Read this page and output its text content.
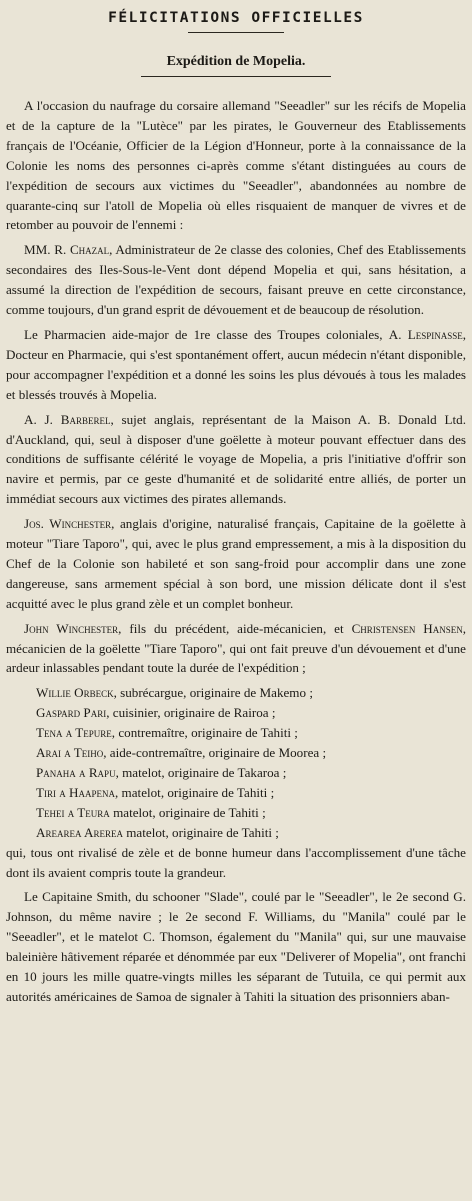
FÉLICITATIONS OFFICIELLES
Expédition de Mopelia.

A l'occasion du naufrage du corsaire allemand "Seeadler" sur les récifs de Mopelia et de la capture de la "Lutèce" par les pirates, le Gouverneur des Etablissements français de l'Océanie, Officier de la Légion d'Honneur, porte à la connaissance de la Colonie les noms des personnes ci-après comme s'étant distinguées au cours de l'expédition de secours aux victimes du "Seeadler", abandonnées au nombre de quarante-cinq sur l'atoll de Mopelia où elles risquaient de manquer de vivres et de retomber au pouvoir de l'ennemi :

MM. R. Chazal, Administrateur de 2e classe des colonies, Chef des Etablissements secondaires des Iles-Sous-le-Vent dont dépend Mopelia et qui, sans hésitation, a assumé la direction de l'expédition de secours, faisant preuve en cette circonstance, comme toujours, d'un grand esprit de dévouement et de beaucoup de résolution.

Le Pharmacien aide-major de 1re classe des Troupes coloniales, A. Lespinasse, Docteur en Pharmacie, qui s'est spontanément offert, aucun médecin n'étant disponible, pour accompagner l'expédition et a donné les soins les plus dévoués à tous les malades et blessés trouvés à Mopelia.

A. J. Barberel, sujet anglais, représentant de la Maison A. B. Donald Ltd. d'Auckland, qui, seul à disposer d'une goëlette à moteur pouvant effectuer dans des conditions de suffisante célérité le voyage de Mopelia, a pris l'initiative d'offrir son navire et permis, par ce geste d'humanité et de solidarité entre alliés, de porter un immédiat secours aux victimes des pirates allemands.

Jos. Winchester, anglais d'origine, naturalisé français, Capitaine de la goëlette à moteur "Tiare Taporo", qui, avec le plus grand empressement, a mis à la disposition du Chef de la Colonie son habileté et son sang-froid pour accomplir dans une zone dangereuse, sans armement spécial à son bord, une mission délicate dont il s'est acquitté avec le plus grand zèle et un complet bonheur.

John Winchester, fils du précédent, aide-mécanicien, et Christensen Hansen, mécanicien de la goëlette "Tiare Taporo", qui ont fait preuve d'un dévouement et d'une ardeur inlassables pendant toute la durée de l'expédition ;

Willie Orbeck, subrécargue, originaire de Makemo ;
Gaspard Pari, cuisinier, originaire de Rairoa ;
Tena a Tepure, contremaître, originaire de Tahiti ;
Arai a Teiho, aide-contremaître, originaire de Moorea ;
Panaha a Rapu, matelot, originaire de Takaroa ;
Tiri a Haapena, matelot, originaire de Tahiti ;
Tehei a Teura matelot, originaire de Tahiti ;
Arearea Arerea matelot, originaire de Tahiti ;

qui, tous ont rivalisé de zèle et de bonne humeur dans l'accomplissement d'une tâche dont ils avaient compris toute la grandeur.

Le Capitaine Smith, du schooner "Slade", coulé par le "Seeadler", le 2e second G. Johnson, du même navire ; le 2e second F. Williams, du "Manila" coulé par le "Seeadler", et le matelot C. Thomson, également du "Manila" qui, sur une mauvaise baleinière hâtivement réparée et dénommée par eux "Deliverer of Mopelia", ont franchi en 10 jours les mille quatre-vingts milles les séparant de Tutuila, ce qui permit aux autorités américaines de Samoa de signaler à Tahiti la situation des prisonniers aban-
